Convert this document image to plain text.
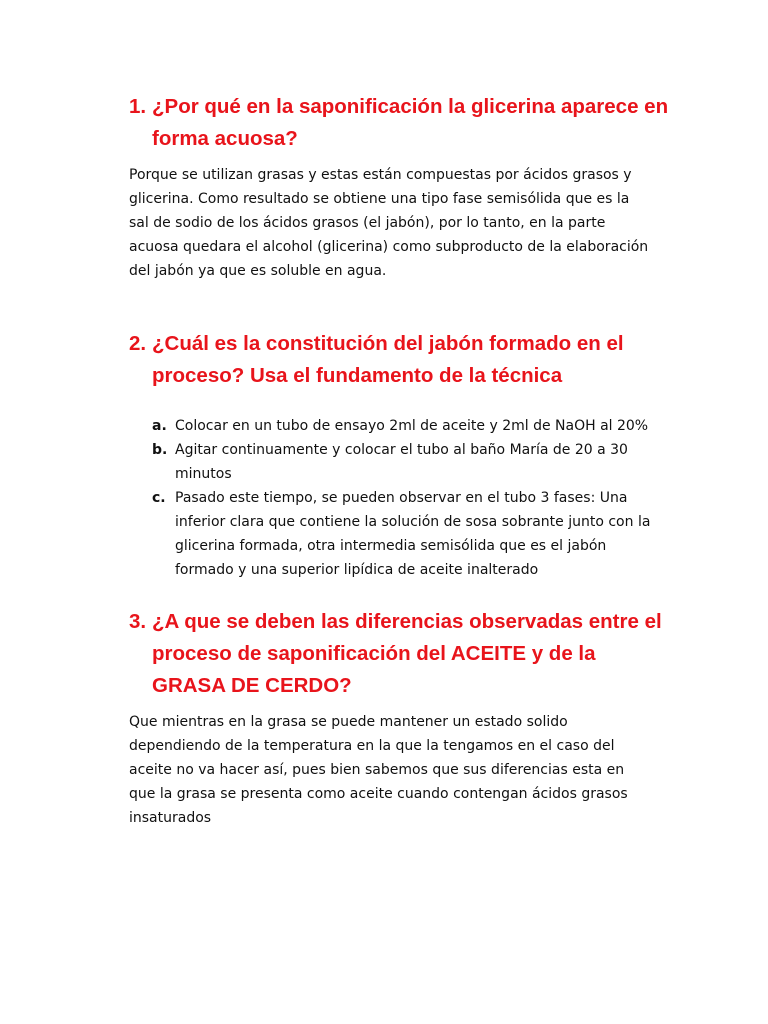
1. ¿Por qué en la saponificación la glicerina aparece en forma acuosa?

Porque se utilizan grasas y estas están compuestas por ácidos grasos y glicerina. Como resultado se obtiene una tipo fase semisólida que es la sal de sodio de los ácidos grasos (el jabón), por lo tanto, en la parte acuosa quedara el alcohol (glicerina) como subproducto de la elaboración del jabón ya que es soluble en agua.

2. ¿Cuál es la constitución del jabón formado en el proceso? Usa el fundamento de la técnica
a. Colocar en un tubo de ensayo 2ml de aceite y 2ml de NaOH al 20%
b. Agitar continuamente y colocar el tubo al baño María de 20 a 30 minutos
c. Pasado este tiempo, se pueden observar en el tubo 3 fases: Una inferior clara que contiene la solución de sosa sobrante junto con la glicerina formada, otra intermedia semisólida que es el jabón formado y una superior lipídica de aceite inalterado
3. ¿A que se deben las diferencias observadas entre el proceso de saponificación del ACEITE y de la GRASA DE CERDO?

Que mientras en la grasa se puede mantener un estado solido dependiendo de la temperatura en la que la tengamos en el caso del aceite no va hacer así, pues bien sabemos que sus diferencias esta en que la grasa se presenta como aceite cuando contengan ácidos grasos insaturados
